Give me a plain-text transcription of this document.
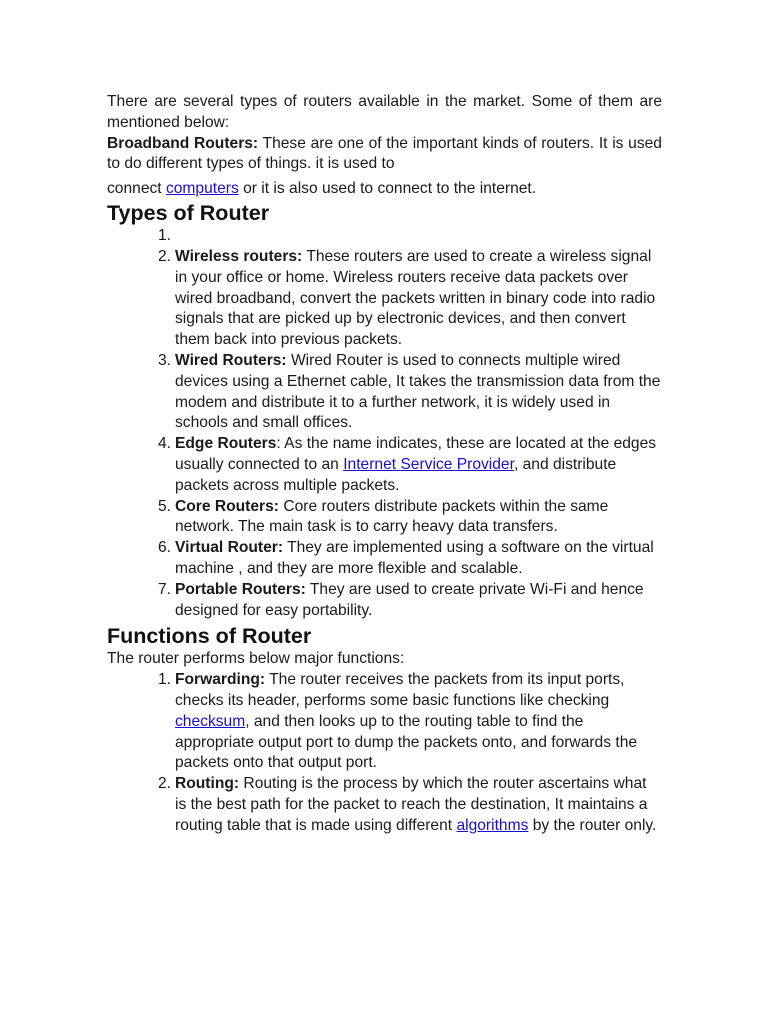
There are several types of routers available in the market. Some of them are mentioned below:

Broadband Routers: These are one of the important kinds of routers. It is used to do different types of things. it is used to

connect computers or it is also used to connect to the internet.

Types of Router
1.
2. Wireless routers: These routers are used to create a wireless signal in your office or home. Wireless routers receive data packets over wired broadband, convert the packets written in binary code into radio signals that are picked up by electronic devices, and then convert them back into previous packets.
3. Wired Routers: Wired Router is used to connects multiple wired devices using a Ethernet cable, It takes the transmission data from the modem and distribute it to a further network, it is widely used in schools and small offices.
4. Edge Routers: As the name indicates, these are located at the edges usually connected to an Internet Service Provider, and distribute packets across multiple packets.
5. Core Routers: Core routers distribute packets within the same network. The main task is to carry heavy data transfers.
6. Virtual Router: They are implemented using a software on the virtual machine , and they are more flexible and scalable.
7. Portable Routers: They are used to create private Wi-Fi and hence designed for easy portability.
Functions of Router

The router performs below major functions:

1. Forwarding: The router receives the packets from its input ports, checks its header, performs some basic functions like checking checksum, and then looks up to the routing table to find the appropriate output port to dump the packets onto, and forwards the packets onto that output port.
2. Routing: Routing is the process by which the router ascertains what is the best path for the packet to reach the destination, It maintains a routing table that is made using different algorithms by the router only.
